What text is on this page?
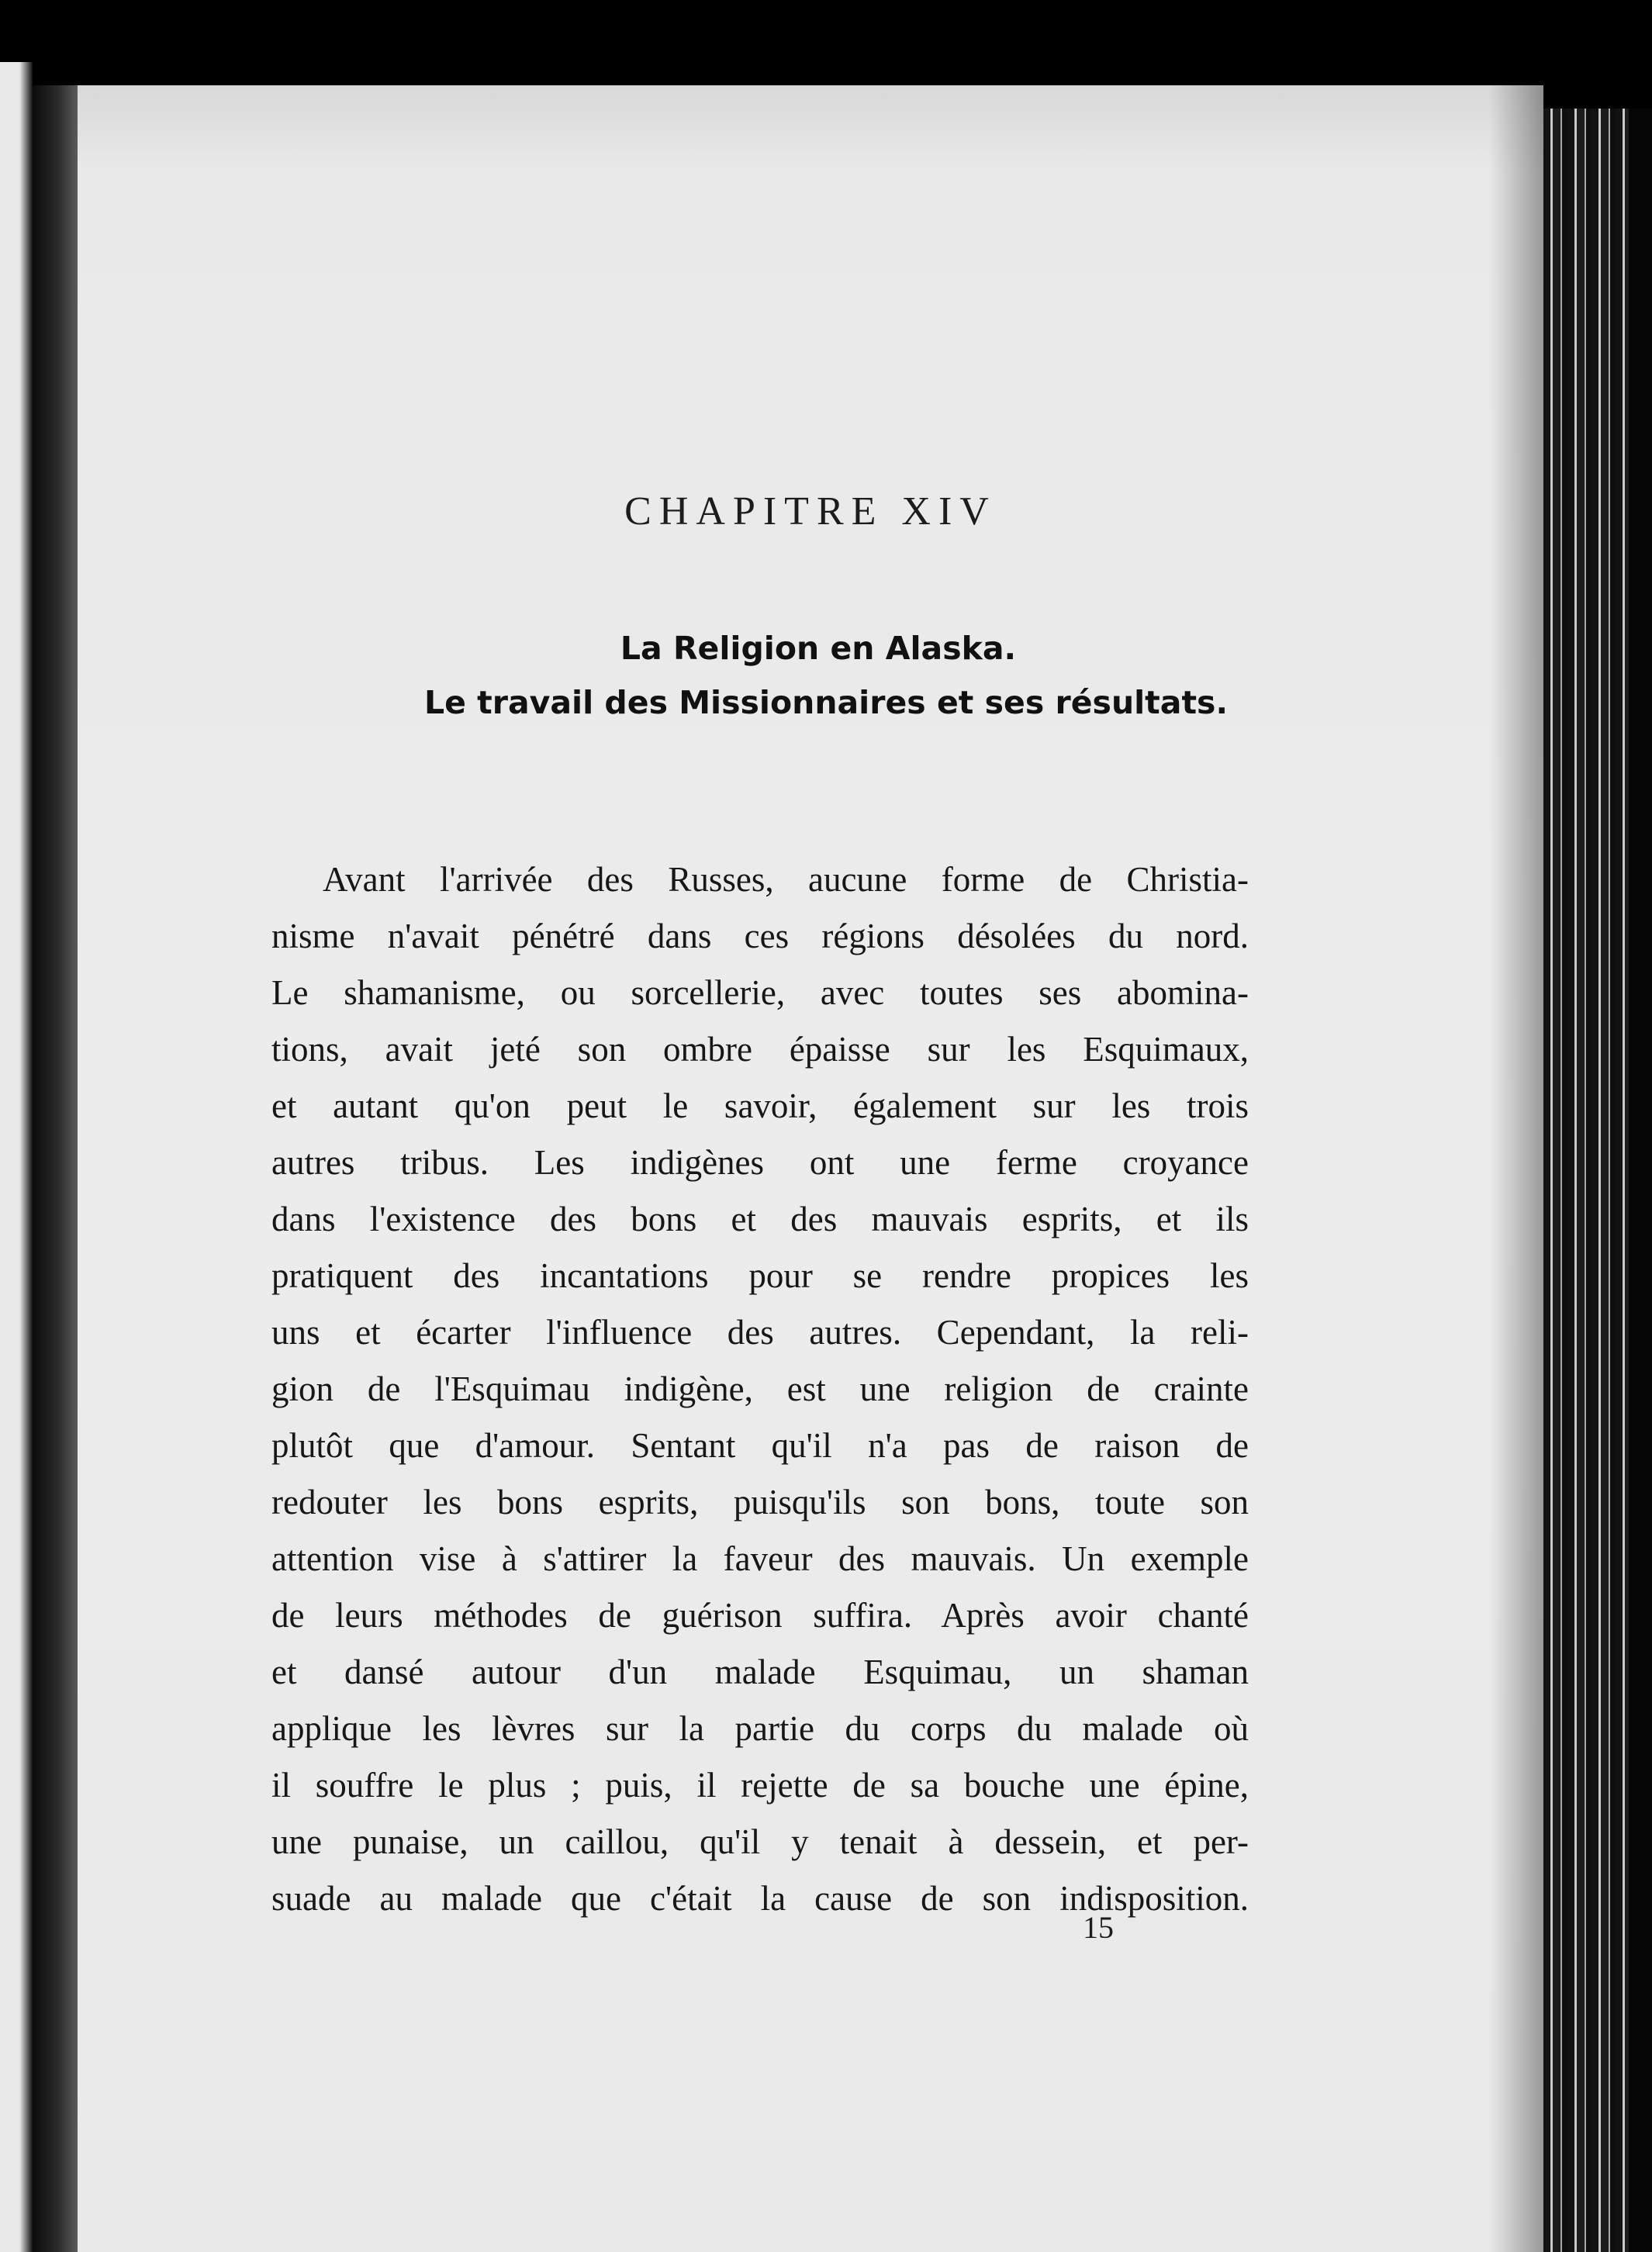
CHAPITRE XIV
La Religion en Alaska.
Le travail des Missionnaires et ses résultats.
Avant l'arrivée des Russes, aucune forme de Christia-
nisme n'avait pénétré dans ces régions désolées du nord.
Le shamanisme, ou sorcellerie, avec toutes ses abomina-
tions, avait jeté son ombre épaisse sur les Esquimaux,
et autant qu'on peut le savoir, également sur les trois
autres tribus. Les indigènes ont une ferme croyance
dans l'existence des bons et des mauvais esprits, et ils
pratiquent des incantations pour se rendre propices les
uns et écarter l'influence des autres. Cependant, la reli-
gion de l'Esquimau indigène, est une religion de crainte
plutôt que d'amour. Sentant qu'il n'a pas de raison de
redouter les bons esprits, puisqu'ils son bons, toute son
attention vise à s'attirer la faveur des mauvais. Un exemple
de leurs méthodes de guérison suffira. Après avoir chanté
et dansé autour d'un malade Esquimau, un shaman
applique les lèvres sur la partie du corps du malade où
il souffre le plus ; puis, il rejette de sa bouche une épine,
une punaise, un caillou, qu'il y tenait à dessein, et per-
suade au malade que c'était la cause de son indisposition.
15
